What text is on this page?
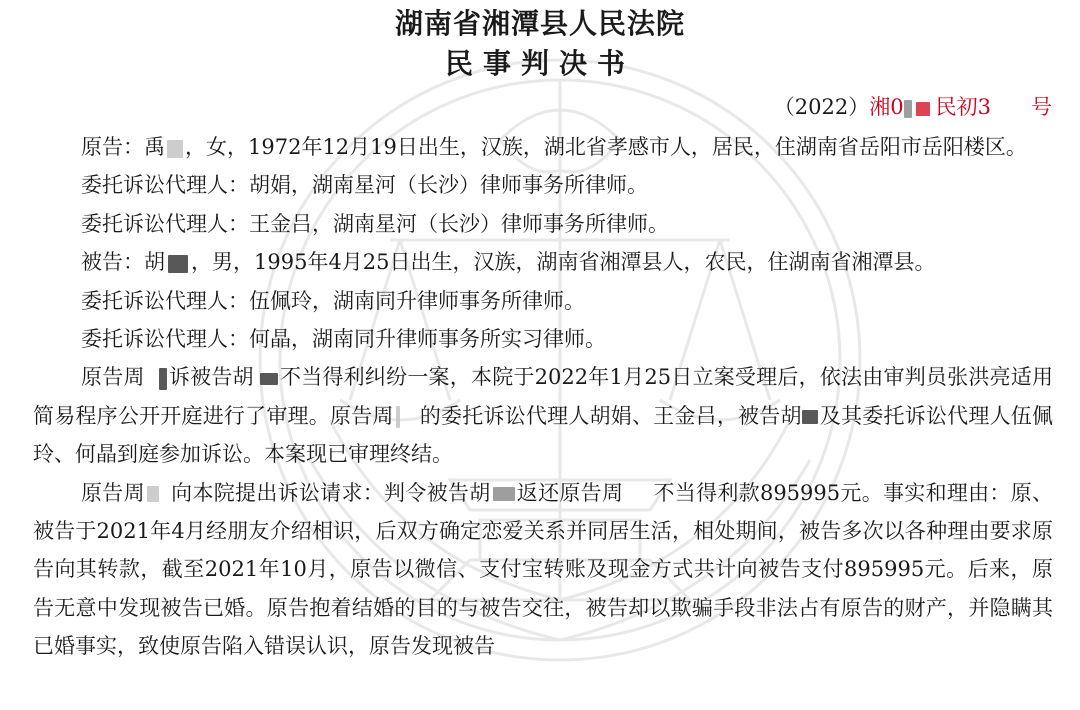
湖南省湘潭县人民法院
民事判决书
（2022）湘0 民初3 号

原告：禹 ，女，1972年12月19日出生，汉族，湖北省孝感市人，居民，住湖南省岳阳市岳阳楼区。

委托诉讼代理人：胡娟，湖南星河（长沙）律师事务所律师。

委托诉讼代理人：王金吕，湖南星河（长沙）律师事务所律师。

被告：胡 ，男，1995年4月25日出生，汉族，湖南省湘潭县人，农民，住湖南省湘潭县。

委托诉讼代理人：伍佩玲，湖南同升律师事务所律师。

委托诉讼代理人：何晶，湖南同升律师事务所实习律师。

原告周 诉被告胡 不当得利纠纷一案，本院于2022年1月25日立案受理后，依法由审判员张洪亮适用简易程序公开开庭进行了审理。原告周 的委托诉讼代理人胡娟、王金吕，被告胡 及其委托诉讼代理人伍佩玲、何晶到庭参加诉讼。本案现已审理终结。

原告周 向本院提出诉讼请求：判令被告胡 返还原告周 不当得利款895995元。事实和理由：原、被告于2021年4月经朋友介绍相识，后双方确定恋爱关系并同居生活，相处期间，被告多次以各种理由要求原告向其转款，截至2021年10月，原告以微信、支付宝转账及现金方式共计向被告支付895995元。后来，原告无意中发现被告已婚。原告抱着结婚的目的与被告交往，被告却以欺骗手段非法占有原告的财产，并隐瞒其已婚事实，致使原告陷入错误认识，原告发现被告
